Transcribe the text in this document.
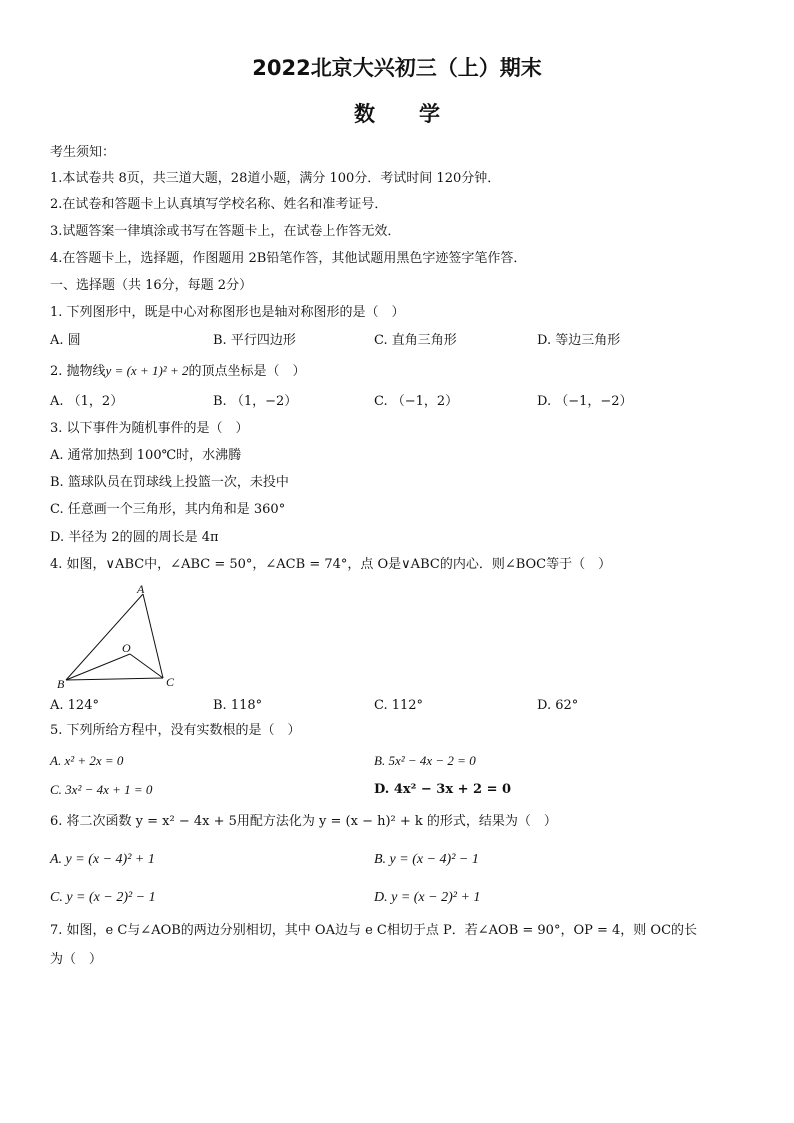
2022北京大兴初三（上）期末
数 学
考生须知：
1.本试卷共 8页，共三道大题，28道小题，满分 100分．考试时间 120分钟．
2.在试卷和答题卡上认真填写学校名称、姓名和准考证号．
3.试题答案一律填涂或书写在答题卡上，在试卷上作答无效．
4.在答题卡上，选择题，作图题用 2B铅笔作答，其他试题用黑色字迹签字笔作答．
一、选择题（共 16分，每题 2分）
1. 下列图形中，既是中心对称图形也是轴对称图形的是（　）
A. 圆	B. 平行四边形	C. 直角三角形	D. 等边三角形
2. 抛物线y = (x + 1)² + 2的顶点坐标是（　）
A. （1，2）	B. （1，−2）	C. （−1，2）	D. （−1，−2）
3. 以下事件为随机事件的是（　）
A. 通常加热到 100℃时，水沸腾
B. 篮球队员在罚球线上投篮一次，未投中
C. 任意画一个三角形，其内角和是 360°
D. 半径为 2的圆的周长是 4π
4. 如图，∨ABC中，∠ABC = 50°，∠ACB = 74°，点 O是∨ABC的内心．则∠BOC等于（　）
A
B	C
O
A. 124°	B. 118°	C. 112°	D. 62°
5. 下列所给方程中，没有实数根的是（　）
A. x² + 2x = 0	B. 5x² − 4x − 2 = 0
C. 3x² − 4x + 1 = 0	D. 4x² − 3x + 2 = 0
6. 将二次函数 y = x² − 4x + 5用配方法化为 y = (x − h)² + k 的形式，结果为（　）
A. y = (x − 4)² + 1	B. y = (x − 4)² − 1
C. y = (x − 2)² − 1	D. y = (x − 2)² + 1
7. 如图，e C与∠AOB的两边分别相切，其中 OA边与 e C相切于点 P．若∠AOB = 90°，OP = 4，则 OC的长
为（　）
